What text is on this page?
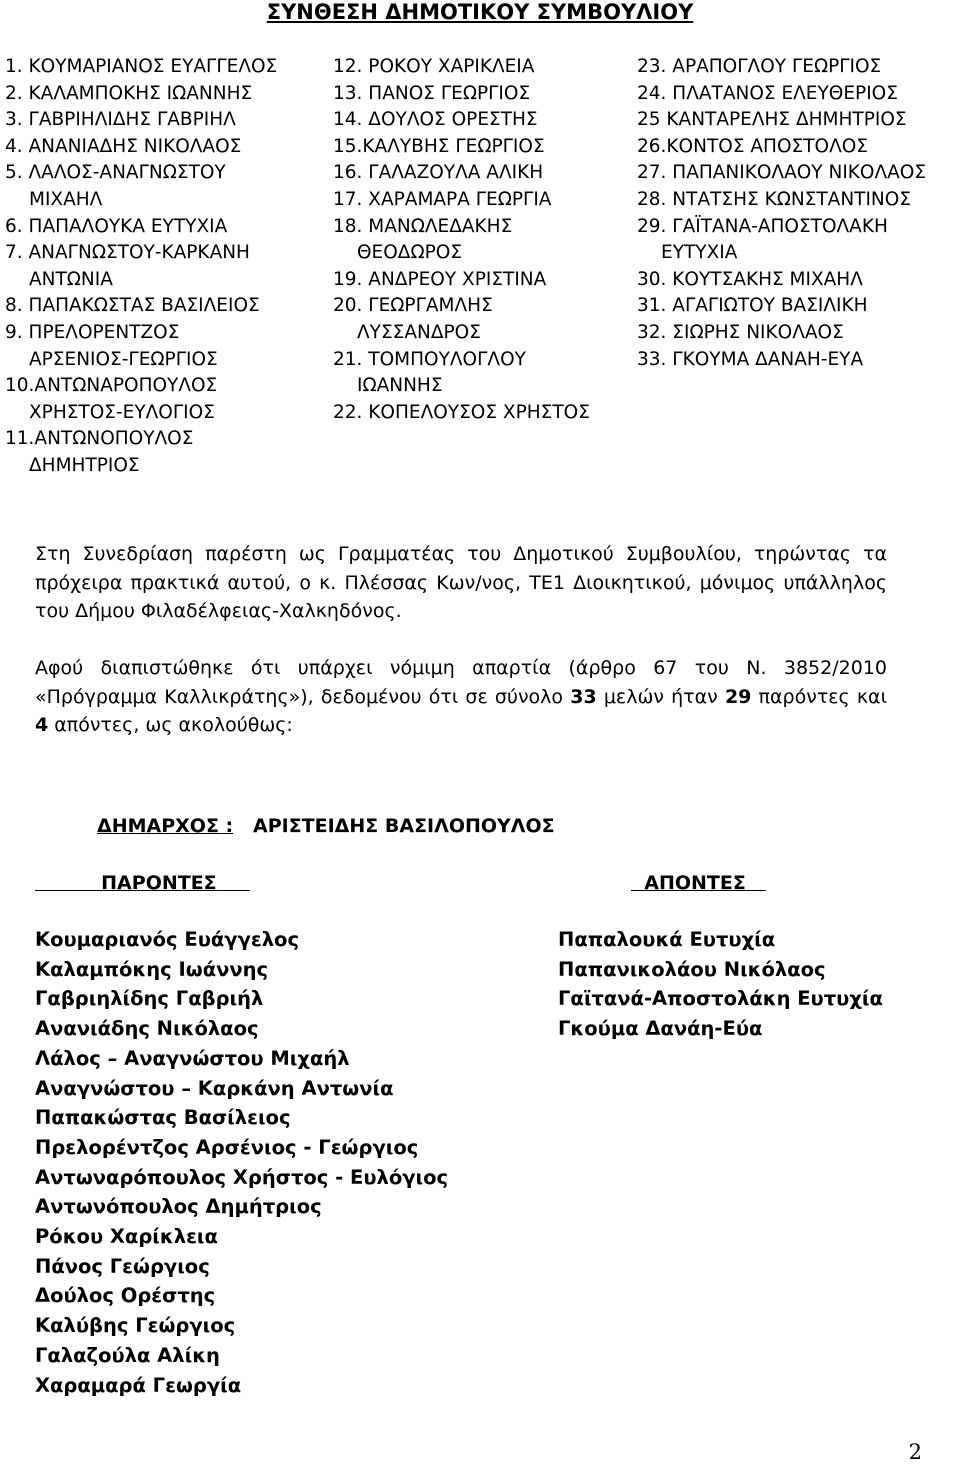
ΣΥΝΘΕΣΗ ΔΗΜΟΤΙΚΟΥ ΣΥΜΒΟΥΛΙΟΥ
1. ΚΟΥΜΑΡΙΑΝΟΣ ΕΥΑΓΓΕΛΟΣ
2. ΚΑΛΑΜΠΟΚΗΣ ΙΩΑΝΝΗΣ
3. ΓΑΒΡΙΗΛΙΔΗΣ ΓΑΒΡΙΗΛ
4. ΑΝΑΝΙΑΔΗΣ ΝΙΚΟΛΑΟΣ
5. ΛΑΛΟΣ-ΑΝΑΓΝΩΣΤΟΥ
ΜΙΧΑΗΛ
6. ΠΑΠΑΛΟΥΚΑ ΕΥΤΥΧΙΑ
7. ΑΝΑΓΝΩΣΤΟΥ-ΚΑΡΚΑΝΗ
ΑΝΤΩΝΙΑ
8. ΠΑΠΑΚΩΣΤΑΣ ΒΑΣΙΛΕΙΟΣ
9. ΠΡΕΛΟΡΕΝΤΖΟΣ
ΑΡΣΕΝΙΟΣ-ΓΕΩΡΓΙΟΣ
10.ΑΝΤΩΝΑΡΟΠΟΥΛΟΣ
ΧΡΗΣΤΟΣ-ΕΥΛΟΓΙΟΣ
11.ΑΝΤΩΝΟΠΟΥΛΟΣ
ΔΗΜΗΤΡΙΟΣ
12. ΡΟΚΟΥ ΧΑΡΙΚΛΕΙΑ
13. ΠΑΝΟΣ ΓΕΩΡΓΙΟΣ
14. ΔΟΥΛΟΣ ΟΡΕΣΤΗΣ
15.ΚΑΛΥΒΗΣ ΓΕΩΡΓΙΟΣ
16. ΓΑΛΑΖΟΥΛΑ ΑΛΙΚΗ
17. ΧΑΡΑΜΑΡΑ ΓΕΩΡΓΙΑ
18. ΜΑΝΩΛΕΔΑΚΗΣ
ΘΕΟΔΩΡΟΣ
19. ΑΝΔΡΕΟΥ ΧΡΙΣΤΙΝΑ
20. ΓΕΩΡΓΑΜΛΗΣ
ΛΥΣΣΑΝΔΡΟΣ
21. ΤΟΜΠΟΥΛΟΓΛΟΥ
ΙΩΑΝΝΗΣ
22. ΚΟΠΕΛΟΥΣΟΣ ΧΡΗΣΤΟΣ
23. ΑΡΑΠΟΓΛΟΥ ΓΕΩΡΓΙΟΣ
24. ΠΛΑΤΑΝΟΣ ΕΛΕΥΘΕΡΙΟΣ
25 ΚΑΝΤΑΡΕΛΗΣ ΔΗΜΗΤΡΙΟΣ
26.ΚΟΝΤΟΣ ΑΠΟΣΤΟΛΟΣ
27. ΠΑΠΑΝΙΚΟΛΑΟΥ ΝΙΚΟΛΑΟΣ
28. ΝΤΑΤΣΗΣ ΚΩΝΣΤΑΝΤΙΝΟΣ
29. ΓΑΪΤΑΝΑ-ΑΠΟΣΤΟΛΑΚΗ
ΕΥΤΥΧΙΑ
30. ΚΟΥΤΣΑΚΗΣ ΜΙΧΑΗΛ
31. ΑΓΑΓΙΩΤΟΥ ΒΑΣΙΛΙΚΗ
32. ΣΙΩΡΗΣ ΝΙΚΟΛΑΟΣ
33. ΓΚΟΥΜΑ ΔΑΝΑΗ-ΕΥΑ
Στη Συνεδρίαση παρέστη ως Γραμματέας του Δημοτικού Συμβουλίου, τηρώντας τα πρόχειρα πρακτικά αυτού, ο κ. Πλέσσας Κων/νος, ΤΕ1 Διοικητικού, μόνιμος υπάλληλος του Δήμου Φιλαδέλφειας-Χαλκηδόνος.
Αφού διαπιστώθηκε ότι υπάρχει νόμιμη απαρτία (άρθρο 67 του Ν. 3852/2010 «Πρόγραμμα Καλλικράτης»), δεδομένου ότι σε σύνολο 33 μελών ήταν 29 παρόντες και 4 απόντες, ως ακολούθως:
ΔΗΜΑΡΧΟΣ : ΑΡΙΣΤΕΙΔΗΣ ΒΑΣΙΛΟΠΟΥΛΟΣ
ΠΑΡΟΝΤΕΣ	ΑΠΟΝΤΕΣ
Κουμαριανός Ευάγγελος
Καλαμπόκης Ιωάννης
Γαβριηλίδης Γαβριήλ
Ανανιάδης Νικόλαος
Λάλος – Αναγνώστου Μιχαήλ
Αναγνώστου – Καρκάνη Αντωνία
Παπακώστας Βασίλειος
Πρελορέντζος Αρσένιος - Γεώργιος
Αντωναρόπουλος Χρήστος - Ευλόγιος
Αντωνόπουλος Δημήτριος
Ρόκου Χαρίκλεια
Πάνος Γεώργιος
Δούλος Ορέστης
Καλύβης Γεώργιος
Γαλαζούλα Αλίκη
Χαραμαρά Γεωργία
Παπαλουκά Ευτυχία
Παπανικολάου Νικόλαος
Γαϊτανά-Αποστολάκη Ευτυχία
Γκούμα Δανάη-Εύα
2
